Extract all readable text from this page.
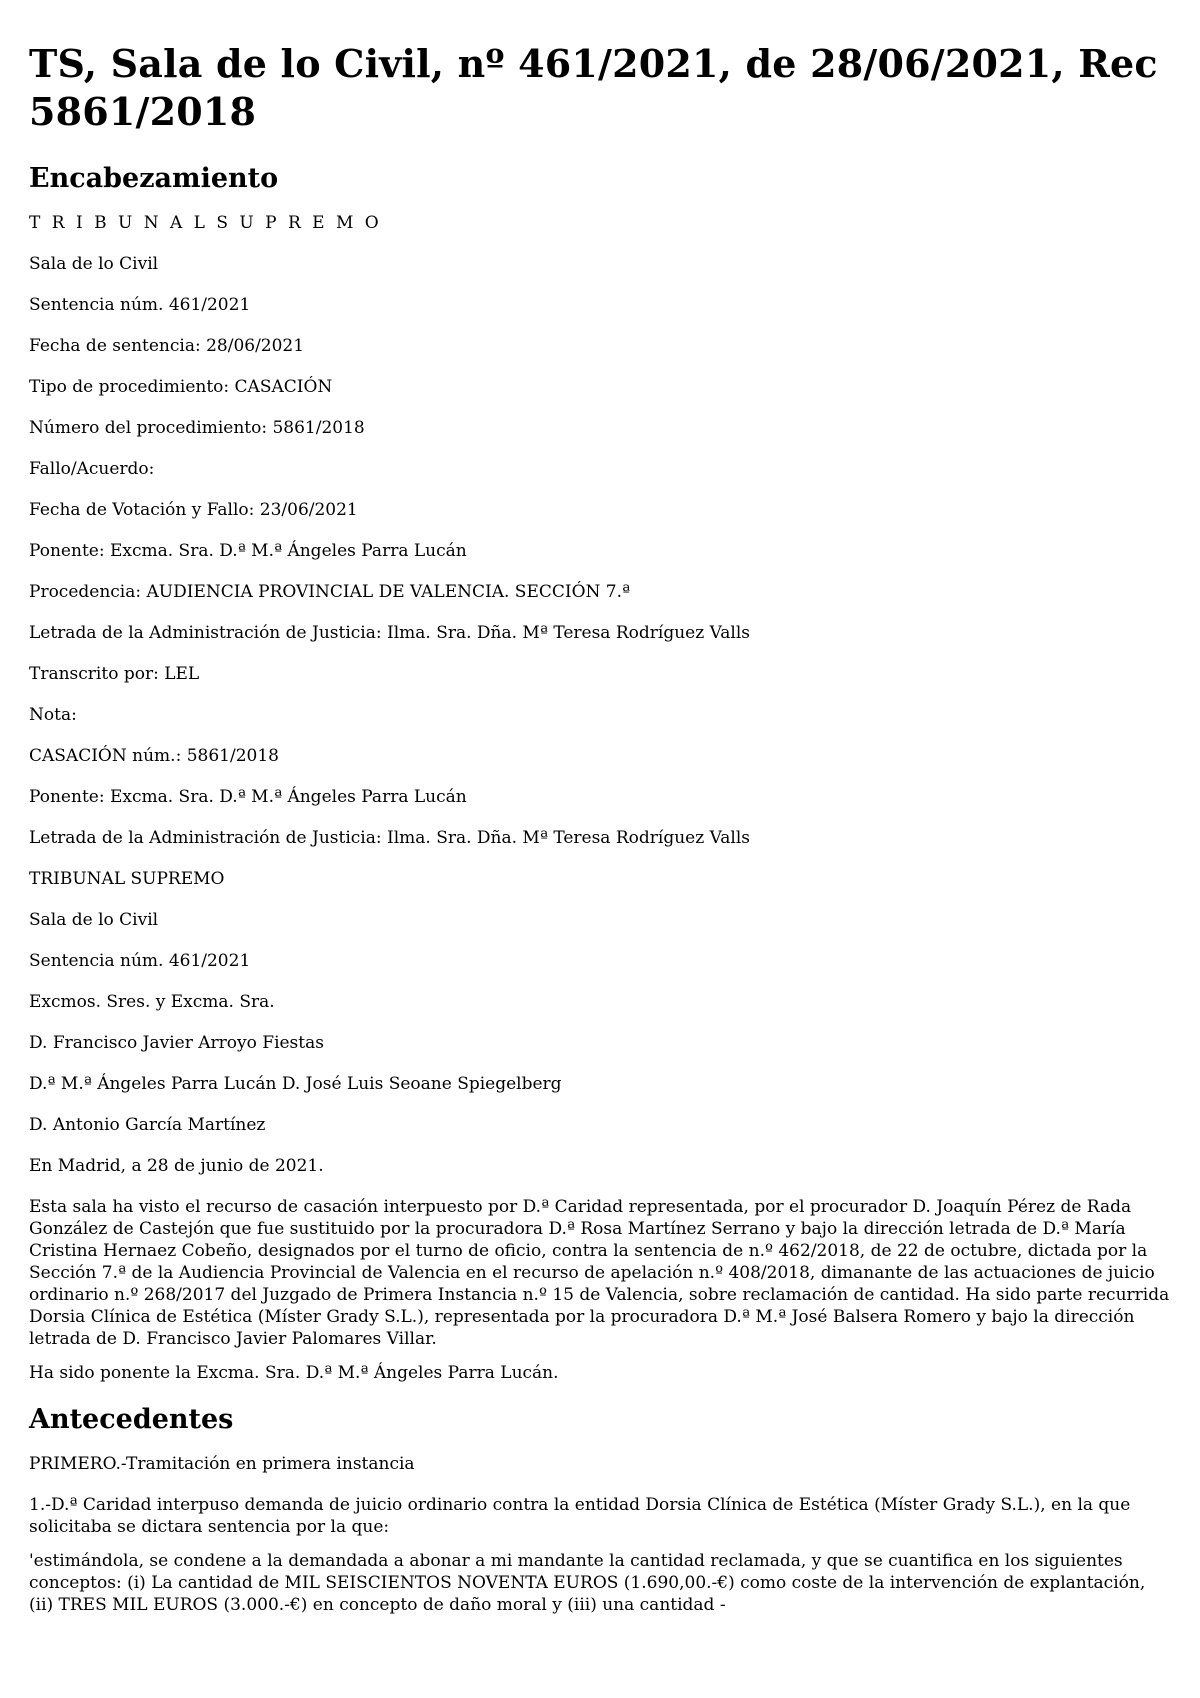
TS, Sala de lo Civil, nº 461/2021, de 28/06/2021, Rec 5861/2018
Encabezamiento

T R I B U N A L S U P R E M O

Sala de lo Civil

Sentencia núm. 461/2021

Fecha de sentencia: 28/06/2021

Tipo de procedimiento: CASACIÓN

Número del procedimiento: 5861/2018

Fallo/Acuerdo:

Fecha de Votación y Fallo: 23/06/2021

Ponente: Excma. Sra. D.ª M.ª Ángeles Parra Lucán

Procedencia: AUDIENCIA PROVINCIAL DE VALENCIA. SECCIÓN 7.ª

Letrada de la Administración de Justicia: Ilma. Sra. Dña. Mª Teresa Rodríguez Valls

Transcrito por: LEL

Nota:

CASACIÓN núm.: 5861/2018

Ponente: Excma. Sra. D.ª M.ª Ángeles Parra Lucán

Letrada de la Administración de Justicia: Ilma. Sra. Dña. Mª Teresa Rodríguez Valls

TRIBUNAL SUPREMO

Sala de lo Civil

Sentencia núm. 461/2021

Excmos. Sres. y Excma. Sra.

D. Francisco Javier Arroyo Fiestas

D.ª M.ª Ángeles Parra Lucán D. José Luis Seoane Spiegelberg

D. Antonio García Martínez

En Madrid, a 28 de junio de 2021.

Esta sala ha visto el recurso de casación interpuesto por D.ª Caridad representada, por el procurador D. Joaquín Pérez de Rada González de Castejón que fue sustituido por la procuradora D.ª Rosa Martínez Serrano y bajo la dirección letrada de D.ª María Cristina Hernaez Cobeño, designados por el turno de oficio, contra la sentencia de n.º 462/2018, de 22 de octubre, dictada por la Sección 7.ª de la Audiencia Provincial de Valencia en el recurso de apelación n.º 408/2018, dimanante de las actuaciones de juicio ordinario n.º 268/2017 del Juzgado de Primera Instancia n.º 15 de Valencia, sobre reclamación de cantidad. Ha sido parte recurrida Dorsia Clínica de Estética (Míster Grady S.L.), representada por la procuradora D.ª M.ª José Balsera Romero y bajo la dirección letrada de D. Francisco Javier Palomares Villar.

Ha sido ponente la Excma. Sra. D.ª M.ª Ángeles Parra Lucán.

Antecedentes

PRIMERO.-Tramitación en primera instancia

1.-D.ª Caridad interpuso demanda de juicio ordinario contra la entidad Dorsia Clínica de Estética (Míster Grady S.L.), en la que solicitaba se dictara sentencia por la que:

'estimándola, se condene a la demandada a abonar a mi mandante la cantidad reclamada, y que se cuantifica en los siguientes conceptos: (i) La cantidad de MIL SEISCIENTOS NOVENTA EUROS (1.690,00.-€) como coste de la intervención de explantación, (ii) TRES MIL EUROS (3.000.-€) en concepto de daño moral y (iii) una cantidad -
